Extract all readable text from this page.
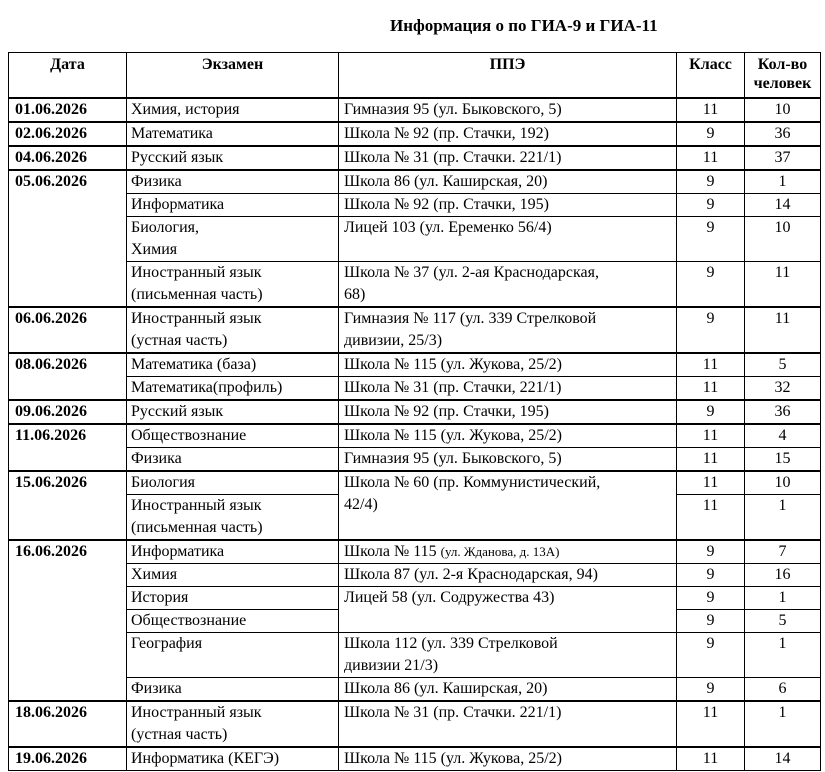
Информация о по ГИА-9 и ГИА-11
Дата	Экзамен	ППЭ	Класс	Кол-во
человек
01.06.2026	Химия, история	Гимназия 95 (ул. Быковского, 5)	11	10
02.06.2026	Математика	Школа № 92 (пр. Стачки, 192)	9	36
04.06.2026	Русский язык	Школа № 31 (пр. Стачки. 221/1)	11	37
05.06.2026	Физика	Школа 86 (ул. Каширская, 20)	9	1
	Информатика	Школа № 92 (пр. Стачки, 195)	9	14
	Биология,
Химия	Лицей 103 (ул. Еременко 56/4)	9	10
	Иностранный язык
(письменная часть)	Школа № 37 (ул. 2-ая Краснодарская,
68)	9	11
06.06.2026	Иностранный язык
(устная часть)	Гимназия № 117 (ул. 339 Стрелковой
дивизии, 25/3)	9	11
08.06.2026	Математика (база)	Школа № 115 (ул. Жукова, 25/2)	11	5
	Математика(профиль)	Школа № 31 (пр. Стачки, 221/1)	11	32
09.06.2026	Русский язык	Школа № 92 (пр. Стачки, 195)	9	36
11.06.2026	Обществознание	Школа № 115 (ул. Жукова, 25/2)	11	4
	Физика	Гимназия 95 (ул. Быковского, 5)	11	15
15.06.2026	Биология	Школа № 60 (пр. Коммунистический,
42/4)	11	10
	Иностранный язык
(письменная часть)		11	1
16.06.2026	Информатика	Школа № 115 (ул. Жданова, д. 13А)	9	7
	Химия	Школа 87 (ул. 2-я Краснодарская, 94)	9	16
	История	Лицей 58 (ул. Содружества 43)	9	1
	Обществознание		9	5
	География	Школа 112 (ул. 339 Стрелковой
дивизии 21/3)	9	1
	Физика	Школа 86 (ул. Каширская, 20)	9	6
18.06.2026	Иностранный язык
(устная часть)	Школа № 31 (пр. Стачки. 221/1)	11	1
19.06.2026	Информатика (КЕГЭ)	Школа № 115 (ул. Жукова, 25/2)	11	14
